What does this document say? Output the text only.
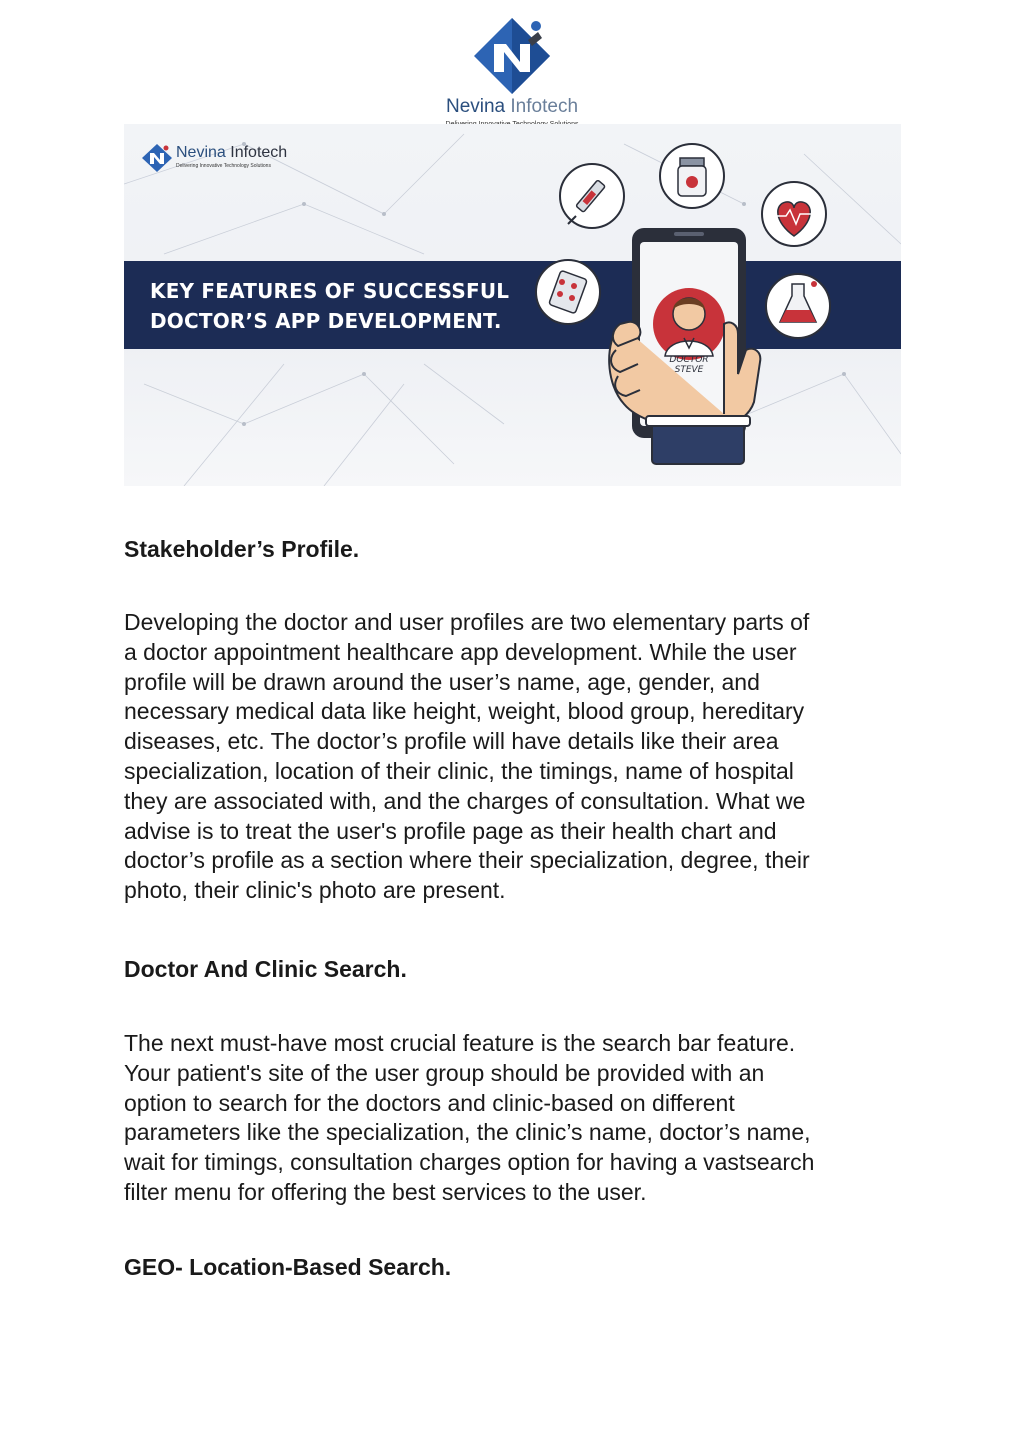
Nevina Infotech
Nevina Infotech
Delivering Innovative Technology Solutions
KEY FEATURES OF SUCCESSFUL
DOCTOR’S APP DEVELOPMENT.
DOCTOR
STEVE
Stakeholder’s Profile.

Developing the doctor and user profiles are two elementary parts of
a doctor appointment healthcare app development. While the user
profile will be drawn around the user’s name, age, gender, and
necessary medical data like height, weight, blood group, hereditary
diseases, etc. The doctor’s profile will have details like their area
specialization, location of their clinic, the timings, name of hospital
they are associated with, and the charges of consultation. What we
advise is to treat the user's profile page as their health chart and
doctor’s profile as a section where their specialization, degree, their
photo, their clinic's photo are present.

Doctor And Clinic Search.

The next must-have most crucial feature is the search bar feature.
Your patient's site of the user group should be provided with an
option to search for the doctors and clinic-based on different
parameters like the specialization, the clinic’s name, doctor’s name,
wait for timings, consultation charges option for having a vastsearch
filter menu for offering the best services to the user.

GEO- Location-Based Search.
